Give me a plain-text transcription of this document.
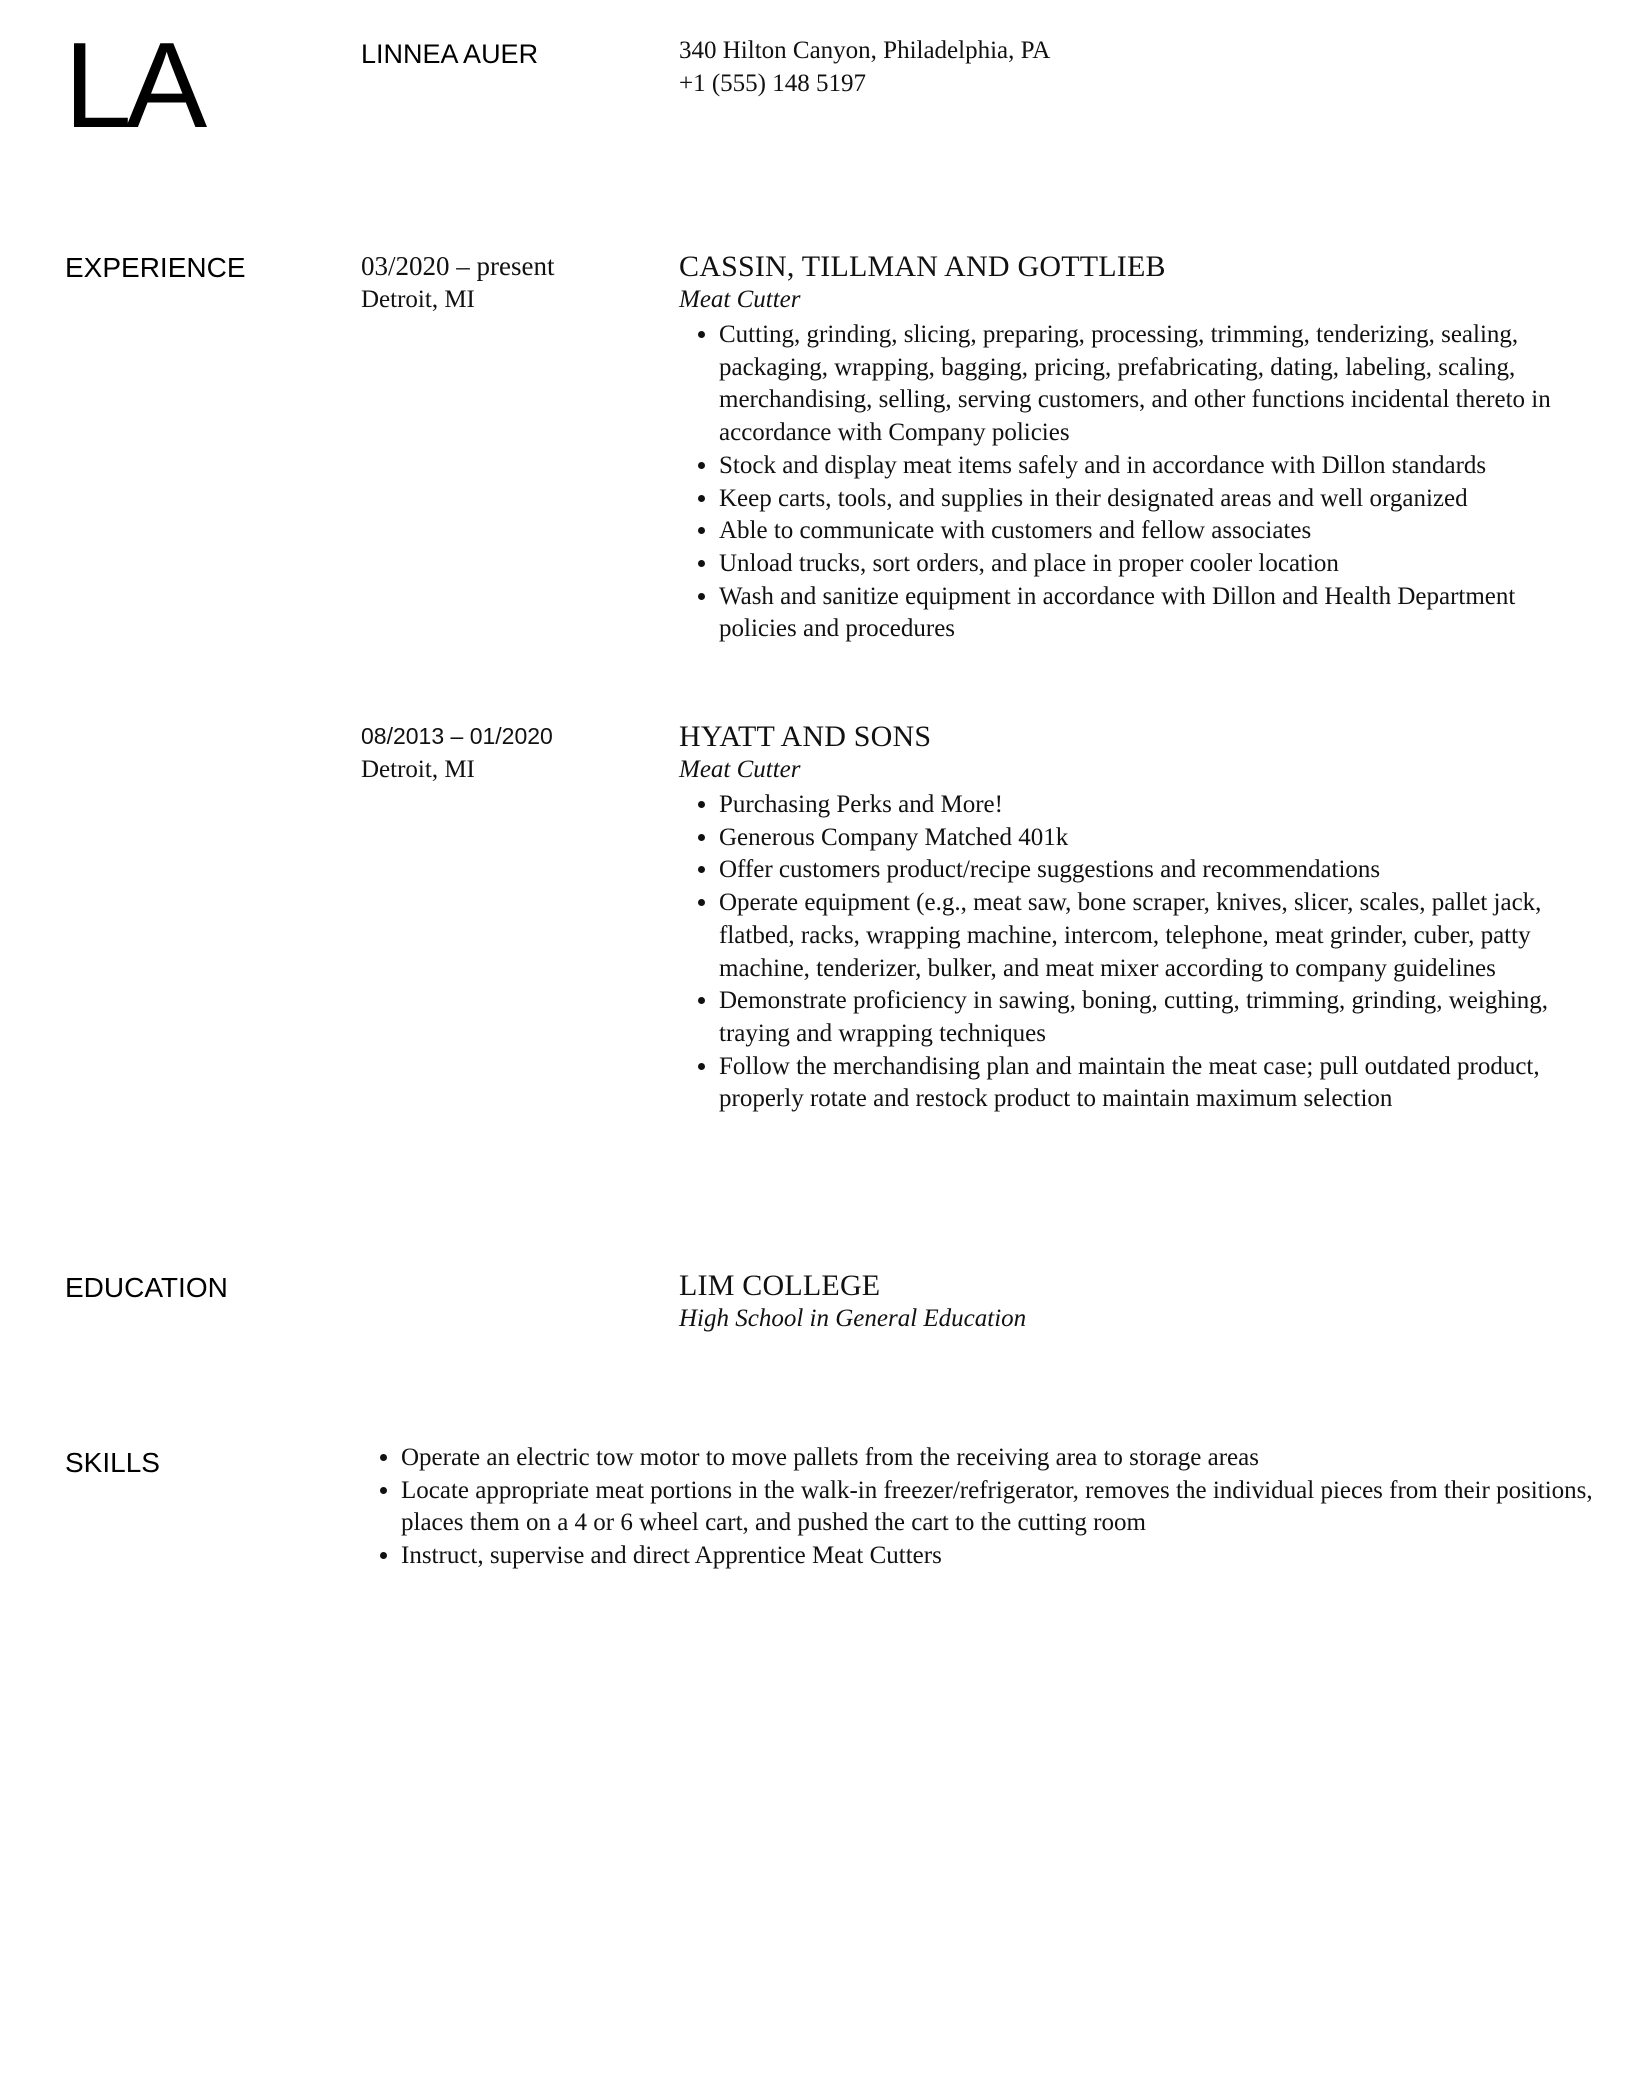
LA	LINNEA AUER	340 Hilton Canyon, Philadelphia, PA
+1 (555) 148 5197
EXPERIENCE	03/2020 – present
Detroit, MI
CASSIN, TILLMAN AND GOTTLIEB
Meat Cutter
• Cutting, grinding, slicing, preparing, processing, trimming, tenderizing, sealing, packaging, wrapping, bagging, pricing, prefabricating, dating, labeling, scaling, merchandising, selling, serving customers, and other functions incidental thereto in accordance with Company policies
• Stock and display meat items safely and in accordance with Dillon standards
• Keep carts, tools, and supplies in their designated areas and well organized
• Able to communicate with customers and fellow associates
• Unload trucks, sort orders, and place in proper cooler location
• Wash and sanitize equipment in accordance with Dillon and Health Department policies and procedures
08/2013 – 01/2020
Detroit, MI
HYATT AND SONS
Meat Cutter
• Purchasing Perks and More!
• Generous Company Matched 401k
• Offer customers product/recipe suggestions and recommendations
• Operate equipment (e.g., meat saw, bone scraper, knives, slicer, scales, pallet jack, flatbed, racks, wrapping machine, intercom, telephone, meat grinder, cuber, patty machine, tenderizer, bulker, and meat mixer according to company guidelines
• Demonstrate proficiency in sawing, boning, cutting, trimming, grinding, weighing, traying and wrapping techniques
• Follow the merchandising plan and maintain the meat case; pull outdated product, properly rotate and restock product to maintain maximum selection
EDUCATION	LIM COLLEGE
High School in General Education
SKILLS
•	Operate an electric tow motor to move pallets from the receiving area to storage areas
• Locate appropriate meat portions in the walk-in freezer/refrigerator, removes the individual pieces from their positions, places them on a 4 or 6 wheel cart, and pushed the cart to the cutting room
• Instruct, supervise and direct Apprentice Meat Cutters
